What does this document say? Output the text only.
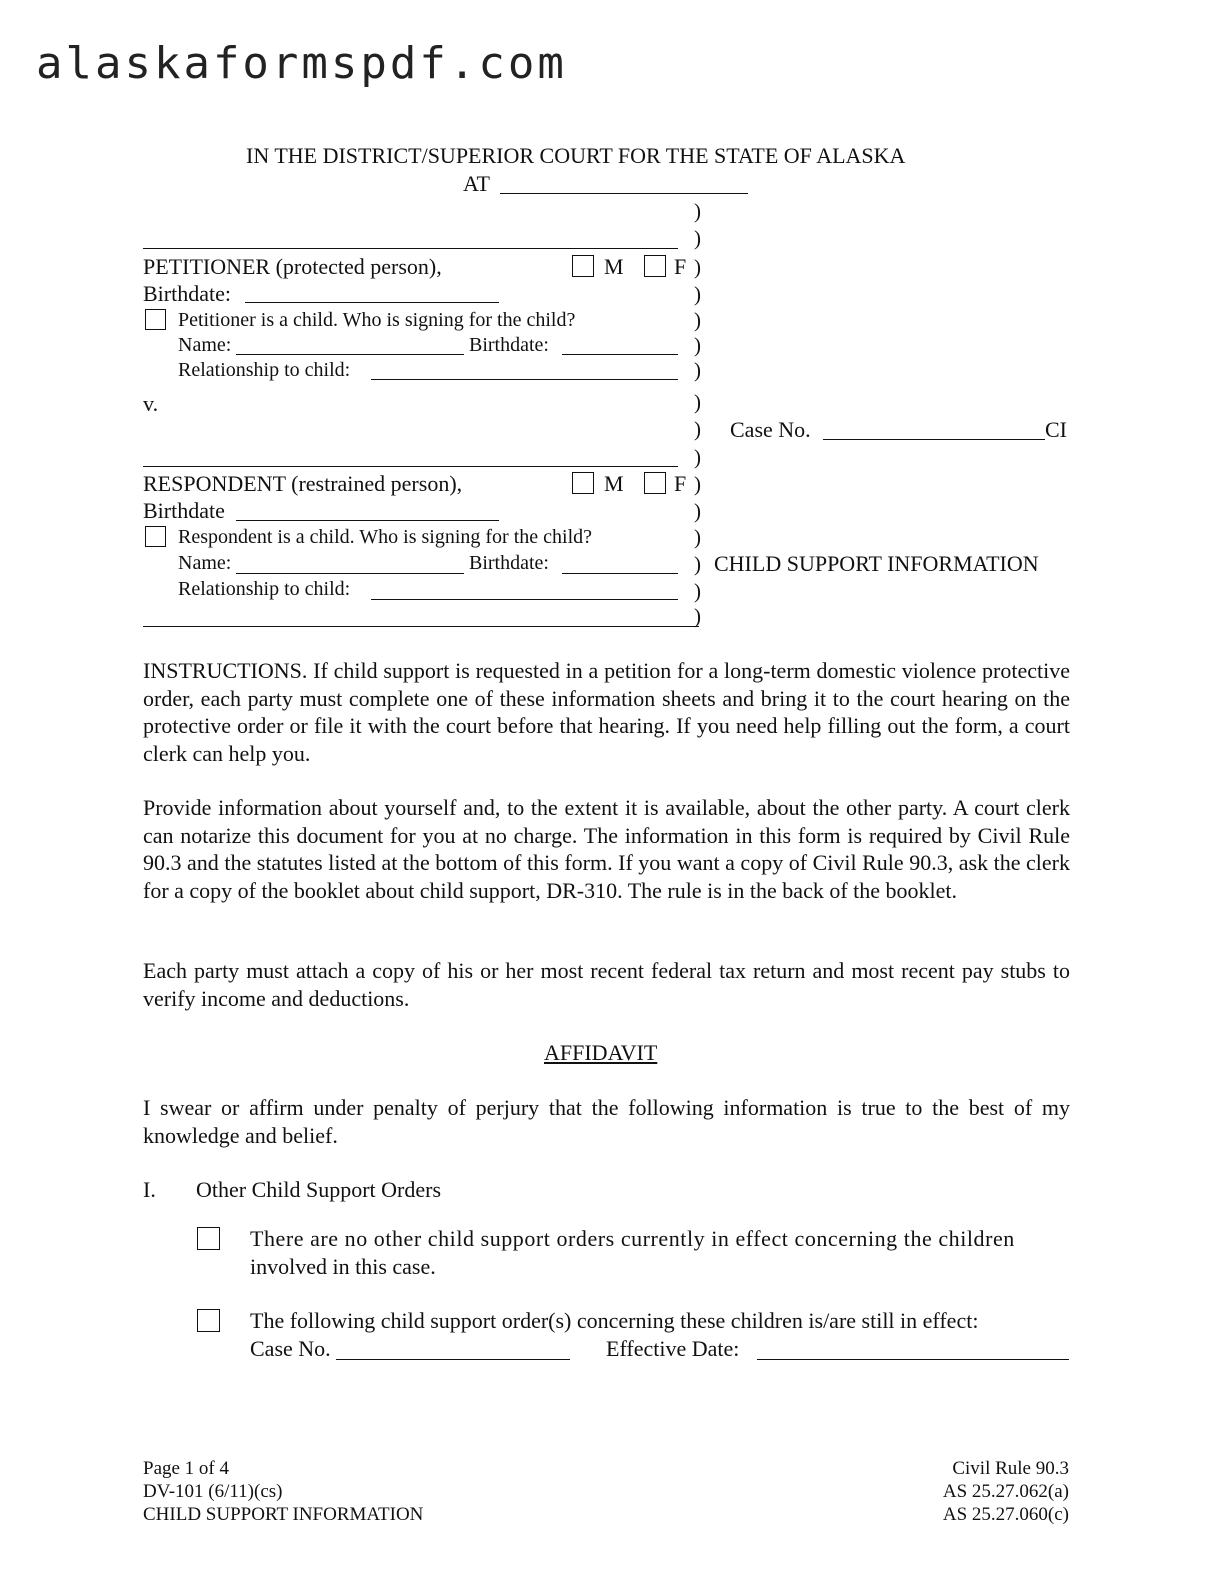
alaskaformspdf.com
IN THE DISTRICT/SUPERIOR COURT FOR THE STATE OF ALASKA
AT
)
)
)
)
)
)
)
)
)
)
)
)
)
)
)
)
PETITIONER (protected person),	M F
Birthdate:
Petitioner is a child. Who is signing for the child?
Name:	Birthdate:
Relationship to child:
v.
Case No.	CI
RESPONDENT (restrained person),	M F
Birthdate
Respondent is a child. Who is signing for the child?
Name:	Birthdate:
Relationship to child:
CHILD SUPPORT INFORMATION
INSTRUCTIONS. If child support is requested in a petition for a long-term domestic violence protective order, each party must complete one of these information sheets and bring it to the court hearing on the protective order or file it with the court before that hearing. If you need help filling out the form, a court clerk can help you.
Provide information about yourself and, to the extent it is available, about the other party. A court clerk can notarize this document for you at no charge. The information in this form is required by Civil Rule 90.3 and the statutes listed at the bottom of this form. If you want a copy of Civil Rule 90.3, ask the clerk for a copy of the booklet about child support, DR-310. The rule is in the back of the booklet.
Each party must attach a copy of his or her most recent federal tax return and most recent pay stubs to verify income and deductions.
AFFIDAVIT
I swear or affirm under penalty of perjury that the following information is true to the best of my knowledge and belief.
I. Other Child Support Orders
There are no other child support orders currently in effect concerning the children
involved in this case.
The following child support order(s) concerning these children is/are still in effect:
Case No.	Effective Date:
Page 1 of 4
DV-101 (6/11)(cs)
CHILD SUPPORT INFORMATION
Civil Rule 90.3
AS 25.27.062(a)
AS 25.27.060(c)
